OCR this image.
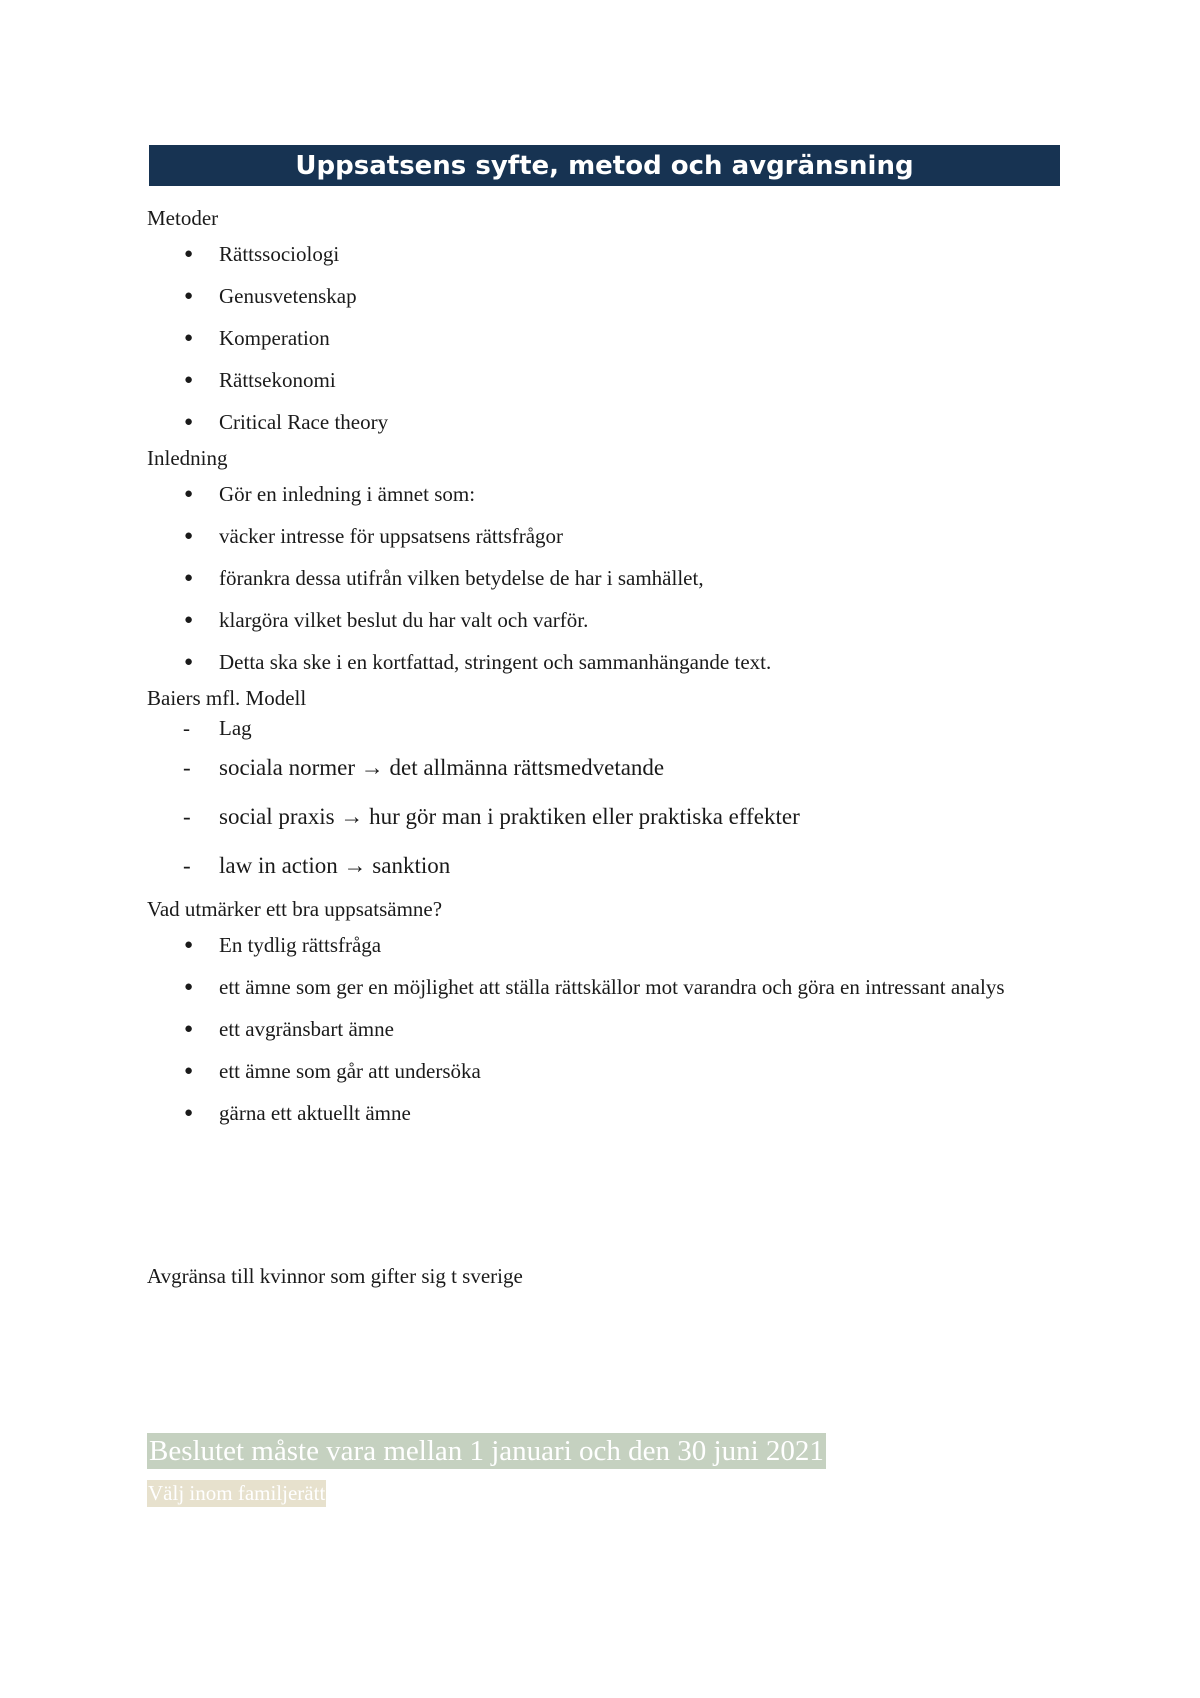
Uppsatsens syfte, metod och avgränsning
Metoder
● Rättssociologi
● Genusvetenskap
● Komperation
● Rättsekonomi
● Critical Race theory
Inledning
● Gör en inledning i ämnet som:
● väcker intresse för uppsatsens rättsfrågor
● förankra dessa utifrån vilken betydelse de har i samhället,
● klargöra vilket beslut du har valt och varför.
● Detta ska ske i en kortfattad, stringent och sammanhängande text.
Baiers mfl. Modell
- Lag
- sociala normer → det allmänna rättsmedvetande
- social praxis → hur gör man i praktiken eller praktiska effekter
- law in action → sanktion
Vad utmärker ett bra uppsatsämne?
● En tydlig rättsfråga
● ett ämne som ger en möjlighet att ställa rättskällor mot varandra och göra en intressant analys
● ett avgränsbart ämne
● ett ämne som går att undersöka
● gärna ett aktuellt ämne
Avgränsa till kvinnor som gifter sig t sverige
Beslutet måste vara mellan 1 januari och den 30 juni 2021
Välj inom familjerätt
